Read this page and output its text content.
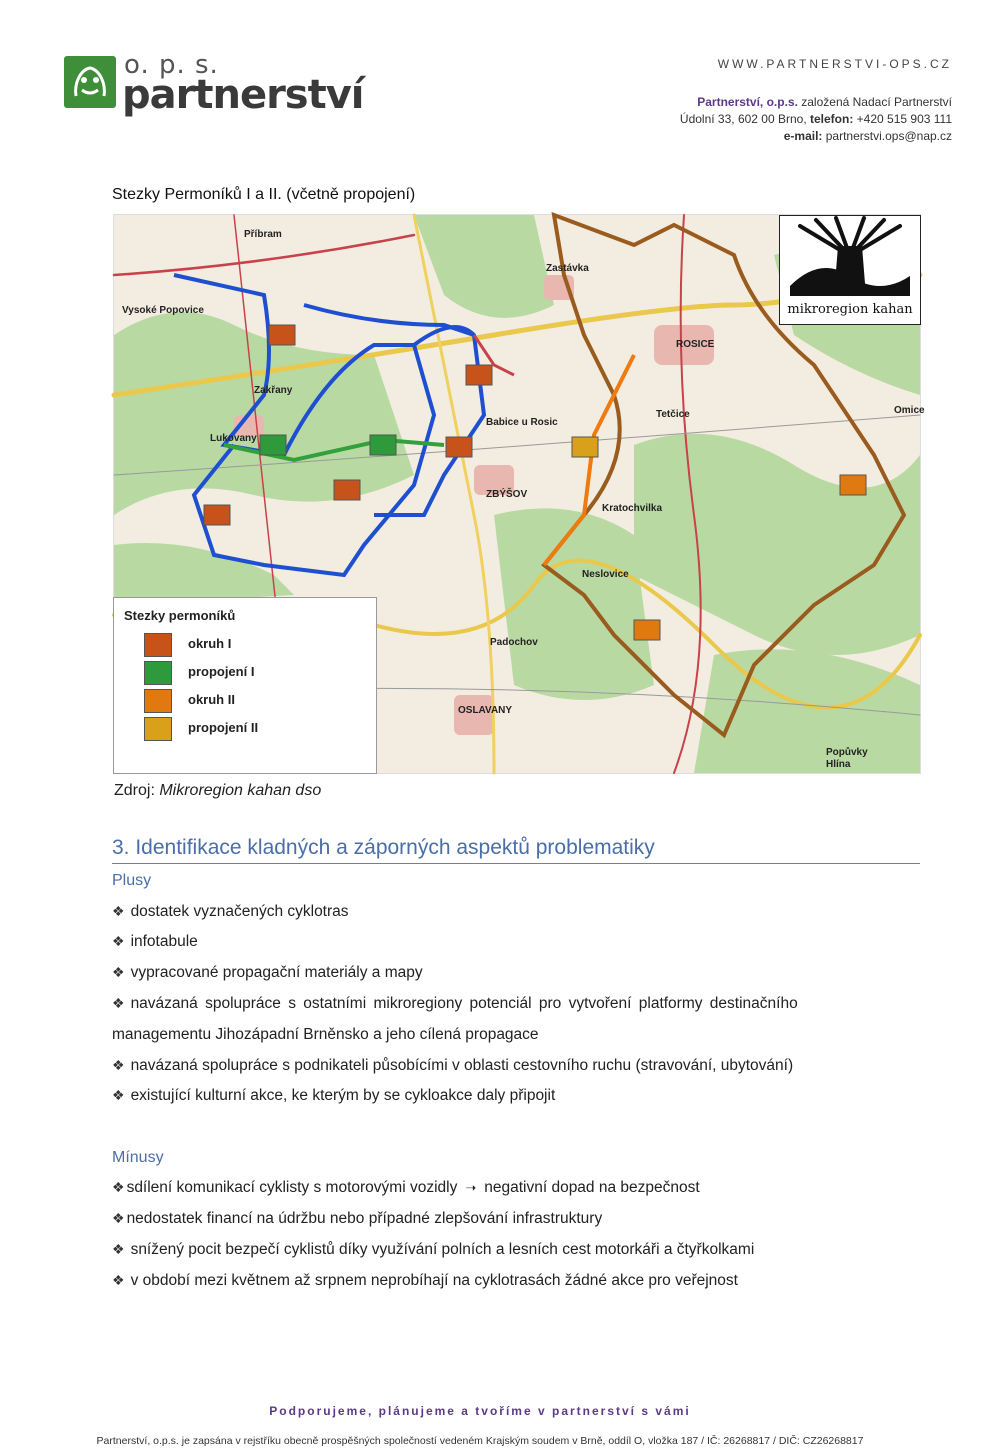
o. p. s.
partnerství
WWW.PARTNERSTVI-OPS.CZ
Partnerství, o.p.s. založená Nadací Partnerství
Údolní 33, 602 00 Brno, telefon: +420 515 903 111
e-mail: partnerstvi.ops@nap.cz
Stezky Permoníků I a II. (včetně propojení)
Příbram
Vysoké Popovice
Zakřany
Lukovany
ZBÝŠOV
ROSICE
Zastávka
Babice u Rosic
Neslovice
OSLAVANY
Padochov
Tetčice	Omice
Kratochvilka
Popůvky
Hlína
mikroregion kahan
Stezky permoníků
okruh I
propojení I
okruh II
propojení II
Zdroj: Mikroregion kahan dso
3. Identifikace kladných a záporných aspektů problematiky
Plusy
❖ dostatek vyznačených cyklotras
❖ infotabule
❖ vypracované propagační materiály a mapy
❖ navázaná spolupráce s ostatními mikroregiony potenciál pro vytvoření platformy destinačního
managementu Jihozápadní Brněnsko a jeho cílená propagace
❖ navázaná spolupráce s podnikateli působícími v oblasti cestovního ruchu (stravování, ubytování)
❖ existující kulturní akce, ke kterým by se cykloakce daly připojit
Mínusy
❖ sdílení komunikací cyklisty s motorovými vozidly ➝ negativní dopad na bezpečnost
❖ nedostatek financí na údržbu nebo případné zlepšování infrastruktury
❖ snížený pocit bezpečí cyklistů díky využívání polních a lesních cest motorkáři a čtyřkolkami
❖ v období mezi květnem až srpnem neprobíhají na cyklotrasách žádné akce pro veřejnost
Podporujeme, plánujeme a tvoříme v partnerství s vámi
Partnerství, o.p.s. je zapsána v rejstříku obecně prospěšných společností vedeném Krajským soudem v Brně, oddíl O, vložka 187 / IČ: 26268817 / DIČ: CZ26268817
